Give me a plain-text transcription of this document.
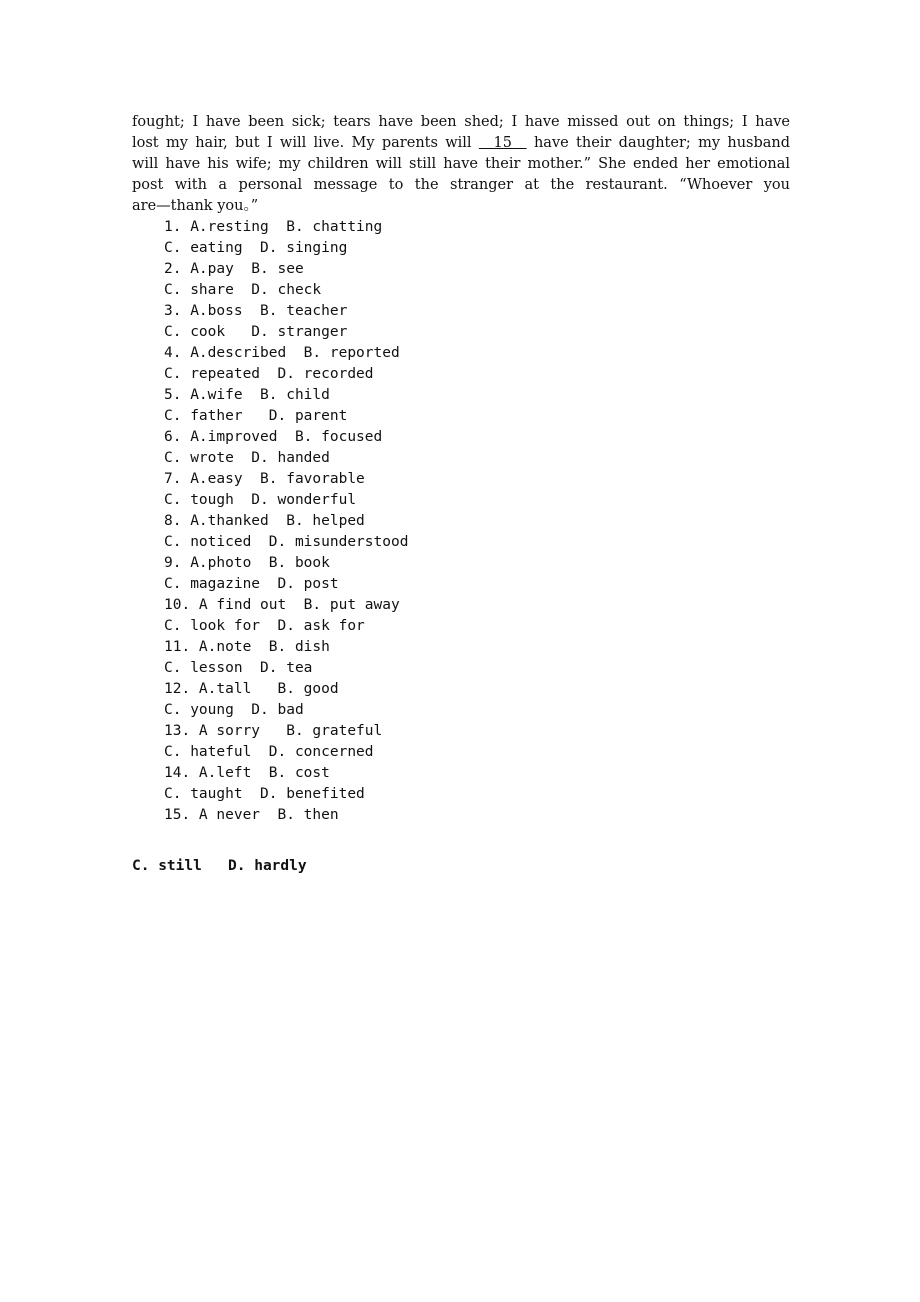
fought; I have been sick; tears have been shed; I have missed out on things; I have
lost my hair, but I will live. My parents will 15 have their daughter; my husband
will have his wife; my children will still have their mother.” She ended her emotional
post with a personal message to the stranger at the restaurant. “Whoever you
are—thank you。”
1. A.resting  B. chatting
C. eating  D. singing
2. A.pay  B. see
C. share  D. check
3. A.boss  B. teacher
C. cook   D. stranger
4. A.described  B. reported
C. repeated  D. recorded
5. A.wife  B. child
C. father   D. parent
6. A.improved  B. focused
C. wrote  D. handed
7. A.easy  B. favorable
C. tough  D. wonderful
8. A.thanked  B. helped
C. noticed  D. misunderstood
9. A.photo  B. book
C. magazine  D. post
10. A find out  B. put away
C. look for  D. ask for
11. A.note  B. dish
C. lesson  D. tea
12. A.tall   B. good
C. young  D. bad
13. A sorry   B. grateful
C. hateful  D. concerned
14. A.left  B. cost
C. taught  D. benefited
15. A never  B. then
C. still   D. hardly
